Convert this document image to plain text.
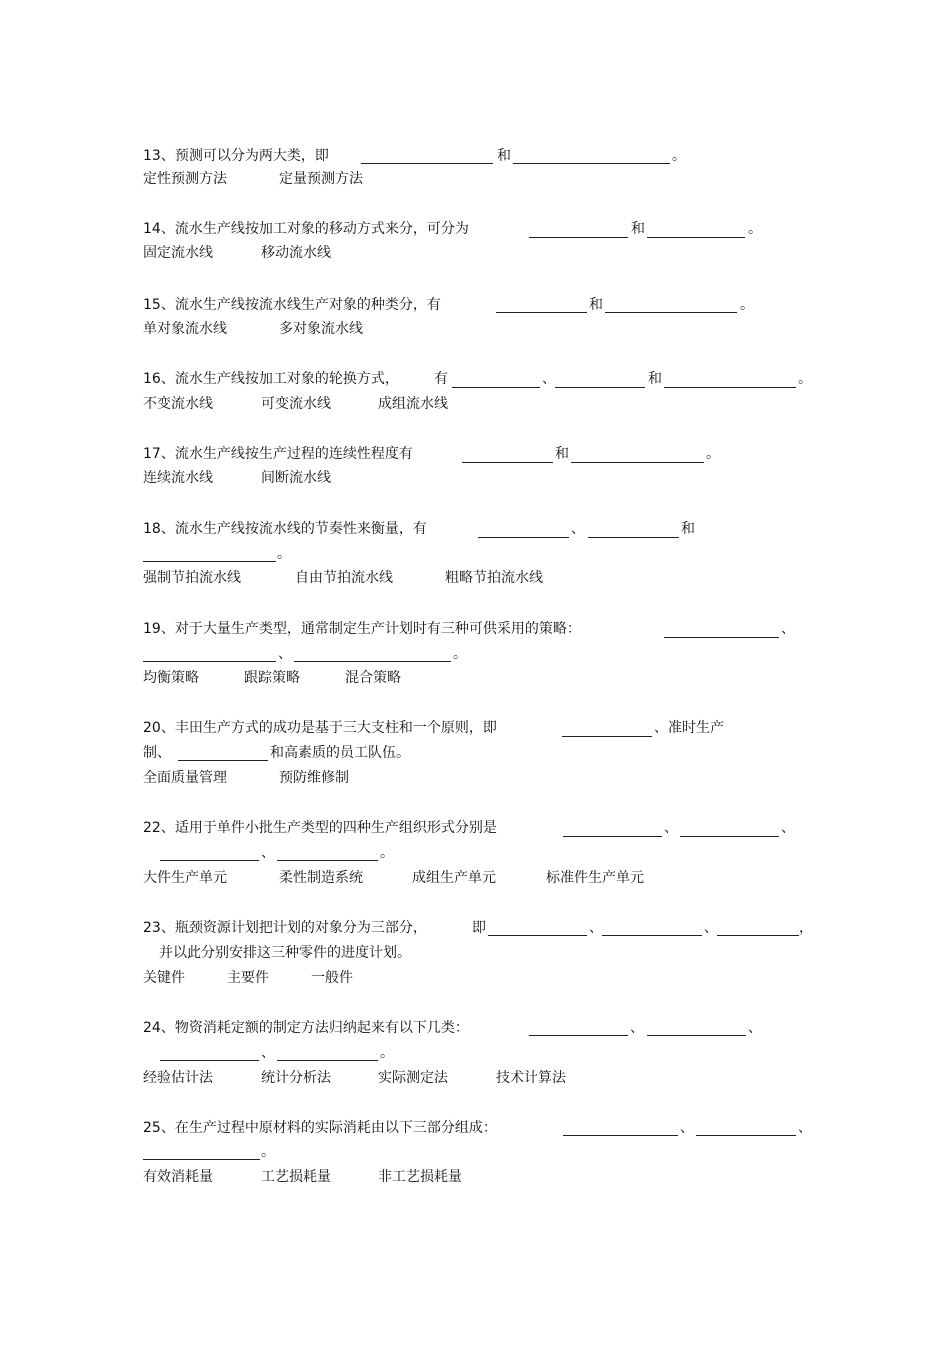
13、预测可以分为两大类，即	和	。
定性预测方法	定量预测方法
14、流水生产线按加工对象的移动方式来分，可分为	和	。
固定流水线	移动流水线
15、流水生产线按流水线生产对象的种类分，有	和	。
单对象流水线	多对象流水线
16、流水生产线按加工对象的轮换方式，	有	、	和	。
不变流水线	可变流水线	成组流水线
17、流水生产线按生产过程的连续性程度有	和	。
连续流水线	间断流水线
18、流水生产线按流水线的节奏性来衡量，有	、	和
。
强制节拍流水线	自由节拍流水线	粗略节拍流水线
19、对于大量生产类型，通常制定生产计划时有三种可供采用的策略：	、
、	。
均衡策略	跟踪策略	混合策略
20、丰田生产方式的成功是基于三大支柱和一个原则，即	、准时生产
制、	和高素质的员工队伍。
全面质量管理	预防维修制
22、适用于单件小批生产类型的四种生产组织形式分别是	、	、
、	。
大件生产单元	柔性制造系统	成组生产单元	标准件生产单元
23、瓶颈资源计划把计划的对象分为三部分，	即	、	、	，
并以此分别安排这三种零件的进度计划。
关键件	主要件	一般件
24、物资消耗定额的制定方法归纳起来有以下几类：	、	、
、	。
经验估计法	统计分析法	实际测定法	技术计算法
25、在生产过程中原材料的实际消耗由以下三部分组成：	、	、
。
有效消耗量	工艺损耗量	非工艺损耗量
